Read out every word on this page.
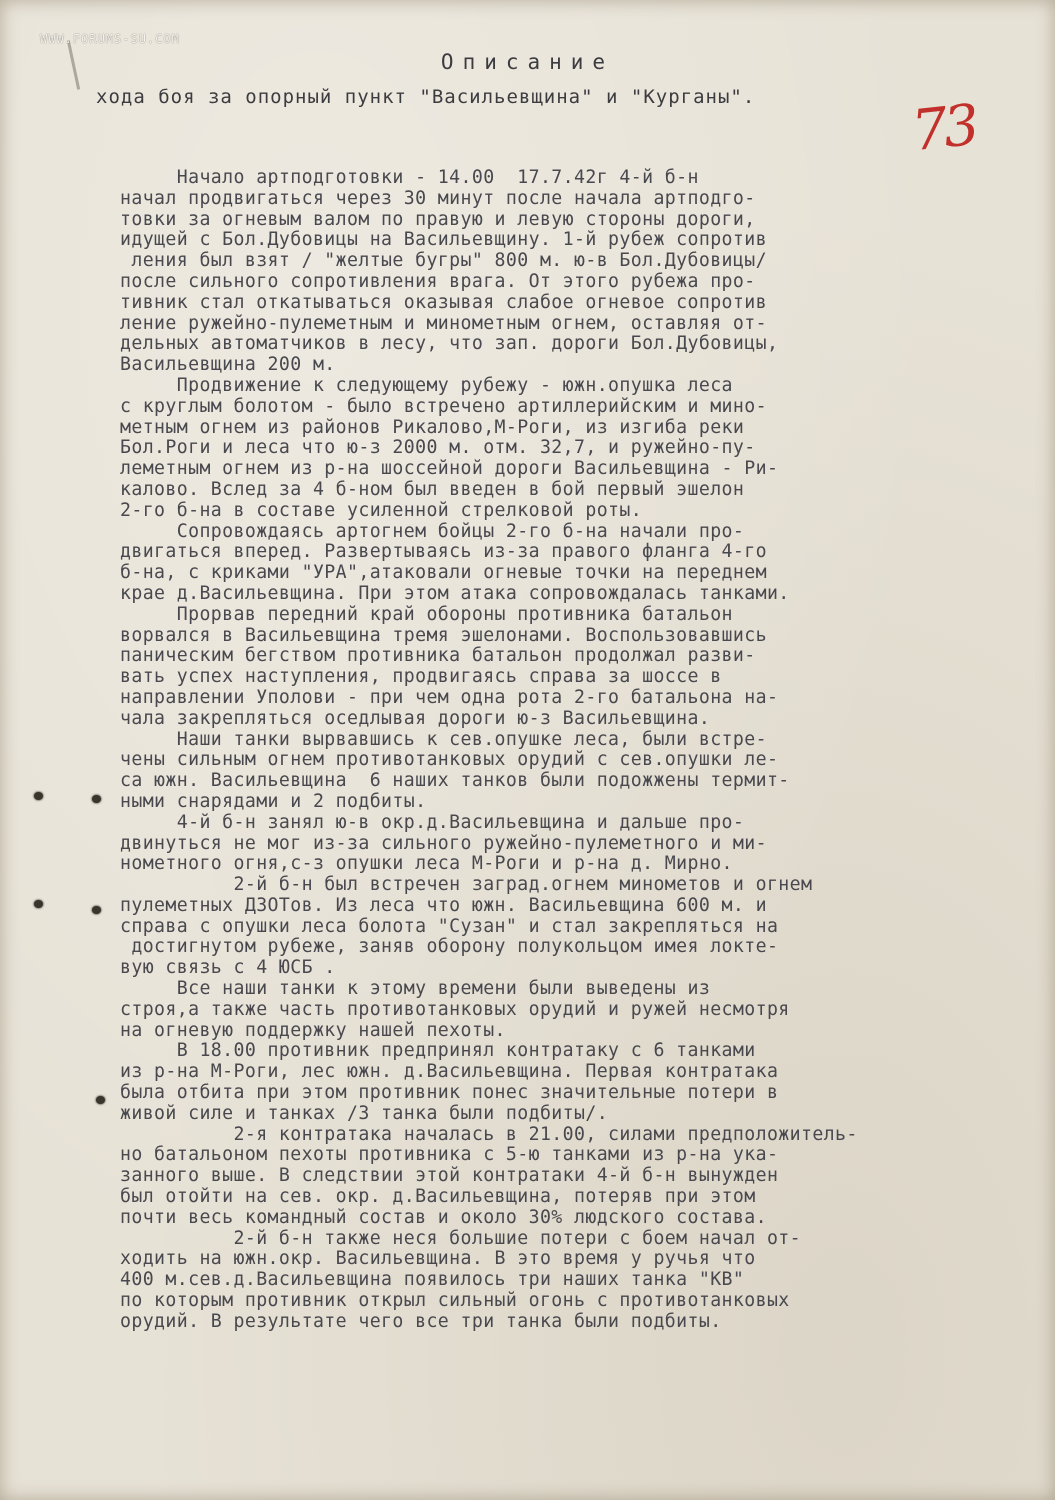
WWW.FORUMS-SU.COM
Описание
хода боя за опорный пункт "Васильевщина" и "Курганы".	73
Начало артподготовки - 14.00  17.7.42г 4-й б-н
начал продвигаться через 30 минут после начала артподго-
товки за огневым валом по правую и левую стороны дороги,
идущей с Бол.Дубовицы на Васильевщину. 1-й рубеж сопротив
ления был взят / "желтые бугры" 800 м. ю-в Бол.Дубовицы/
после сильного сопротивления врага. От этого рубежа про-
тивник стал откатываться оказывая слабое огневое сопротив
ление ружейно-пулеметным и минометным огнем, оставляя от-
дельных автоматчиков в лесу, что зап. дороги Бол.Дубовицы,
Васильевщина 200 м.
Продвижение к следующему рубежу - южн.опушка леса
с круглым болотом - было встречено артиллерийским и мино-
метным огнем из районов Рикалово,М-Роги, из изгиба реки
Бол.Роги и леса что ю-з 2000 м. отм. 32,7, и ружейно-пу-
леметным огнем из р-на шоссейной дороги Васильевщина - Ри-
калово. Вслед за 4 б-ном был введен в бой первый эшелон
2-го б-на в составе усиленной стрелковой роты.
Сопровождаясь артогнем бойцы 2-го б-на начали про-
двигаться вперед. Развертываясь из-за правого фланга 4-го
б-на, с криками "УРА",атаковали огневые точки на переднем
крае д.Васильевщина. При этом атака сопровождалась танками.
Прорвав передний край обороны противника батальон
ворвался в Васильевщина тремя эшелонами. Воспользовавшись
паническим бегством противника батальон продолжал разви-
вать успех наступления, продвигаясь справа за шоссе в
направлении Уполови - при чем одна рота 2-го батальона на-
чала закрепляться оседлывая дороги ю-з Васильевщина.
Наши танки вырвавшись к сев.опушке леса, были встре-
чены сильным огнем противотанковых орудий с сев.опушки ле-
са южн. Васильевщина  6 наших танков были подожжены термит-
ными снарядами и 2 подбиты.
4-й б-н занял ю-в окр.д.Васильевщина и дальше про-
двинуться не мог из-за сильного ружейно-пулеметного и ми-
нометного огня,с-з опушки леса М-Роги и р-на д. Мирно.
2-й б-н был встречен заград.огнем минометов и огнем
пулеметных ДЗОТов. Из леса что южн. Васильевщина 600 м. и
справа с опушки леса болота "Сузан" и стал закрепляться на
достигнутом рубеже, заняв оборону полукольцом имея локте-
вую связь с 4 ЮСБ .
Все наши танки к этому времени были выведены из
строя,а также часть противотанковых орудий и ружей несмотря
на огневую поддержку нашей пехоты.
В 18.00 противник предпринял контратаку с 6 танками
из р-на М-Роги, лес южн. д.Васильевщина. Первая контратака
была отбита при этом противник понес значительные потери в
живой силе и танках /3 танка были подбиты/.
2-я контратака началась в 21.00, силами предположитель-
но батальоном пехоты противника с 5-ю танками из р-на ука-
занного выше. В следствии этой контратаки 4-й б-н вынужден
был отойти на сев. окр. д.Васильевщина, потеряв при этом
почти весь командный состав и около 30% людского состава.
2-й б-н также неся большие потери с боем начал от-
ходить на южн.окр. Васильевщина. В это время у ручья что
400 м.сев.д.Васильевщина появилось три наших танка "КВ"
по которым противник открыл сильный огонь с противотанковых
орудий. В результате чего все три танка были подбиты.
